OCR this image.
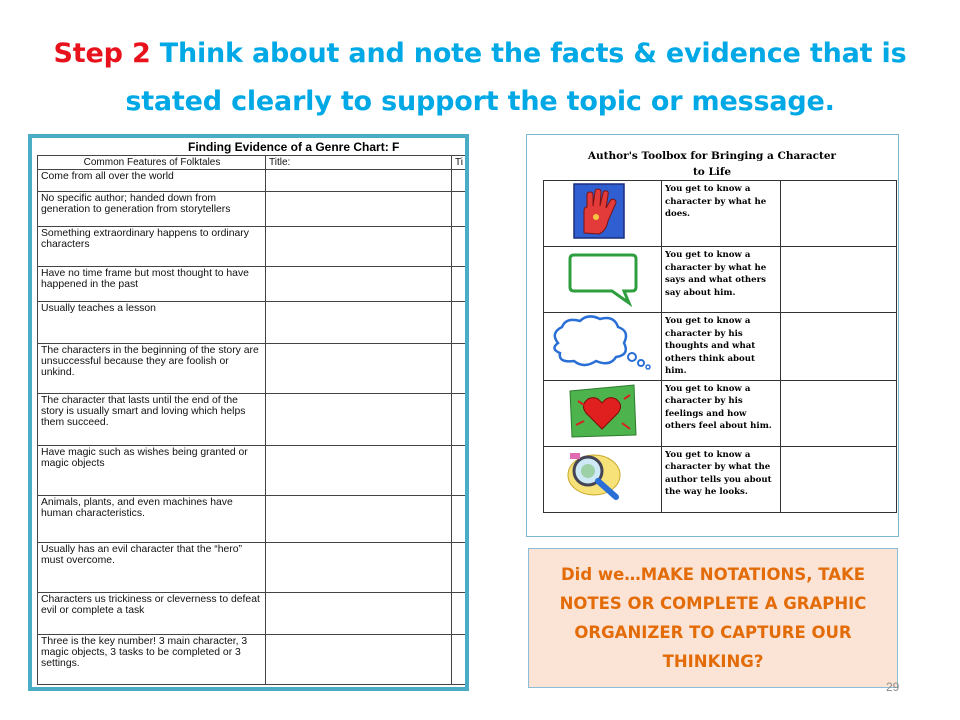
Step 2 Think about and note the facts & evidence that is stated clearly to support the topic or message.
Finding Evidence of a Genre Chart: F
Common Features of Folktales	Title:	Ti
Come from all over the world		
No specific author; handed down from generation to generation from storytellers		
Something extraordinary happens to ordinary characters		
Have no time frame but most thought to have happened in the past		
Usually teaches a lesson		
The characters in the beginning of the story are unsuccessful because they are foolish or unkind.		
The character that lasts until the end of the story is usually smart and loving which helps them succeed.		
Have magic such as wishes being granted or magic objects		
Animals, plants, and even machines have human characteristics.		
Usually has an evil character that the “hero” must overcome.		
Characters us trickiness or cleverness to defeat evil or complete a task		
Three is the key number! 3 main character, 3 magic objects, 3 tasks to be completed or 3 settings.		
Author's Toolbox for Bringing a Character to Life
	You get to know a character by what he does.	
	You get to know a character by what he says and what others say about him.	
	You get to know a character by his thoughts and what others think about him.	
	You get to know a character by his feelings and how others feel about him.	
	You get to know a character by what the author tells you about the way he looks.	
Did we…MAKE NOTATIONS, TAKE NOTES OR COMPLETE A GRAPHIC ORGANIZER TO CAPTURE OUR THINKING?
29
